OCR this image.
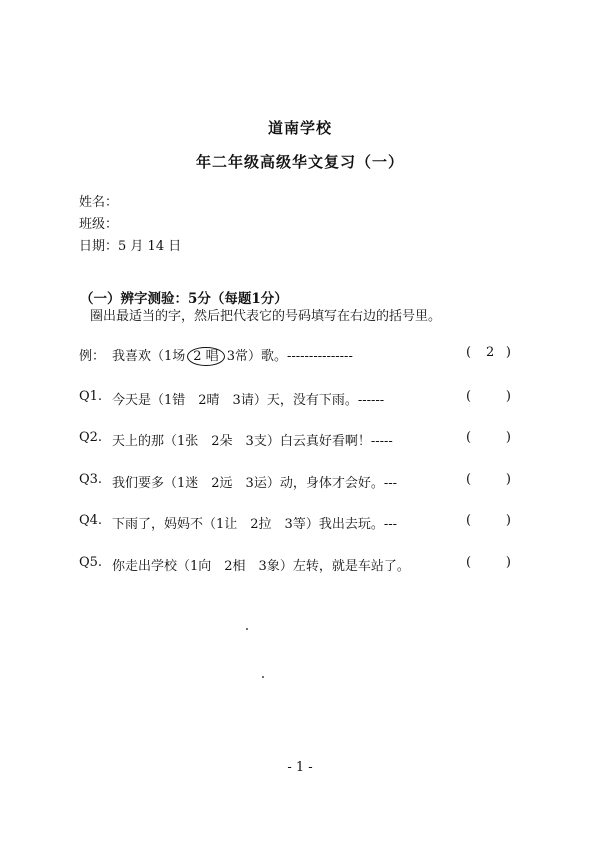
道南学校
年二年级高级华文复习（一）
姓名：
班级：
日期：5 月 14 日
（一）辨字测验：5分（每题1分）
圈出最适当的字，然后把代表它的号码填写在右边的括号里。
例： 我喜欢（1场 2 唱 3常）歌。---------------	( 2 )
Q1. 今天是（1错　2晴　3请）天，没有下雨。------	(	)
Q2. 天上的那（1张　2朵　3支）白云真好看啊！-----	(	)
Q3. 我们要多（1迷　2远　3运）动，身体才会好。---	(	)
Q4. 下雨了，妈妈不（1让　2拉　3等）我出去玩。---	(	)
Q5. 你走出学校（1向　2相　3象）左转，就是车站了。	(	)
- 1 -
